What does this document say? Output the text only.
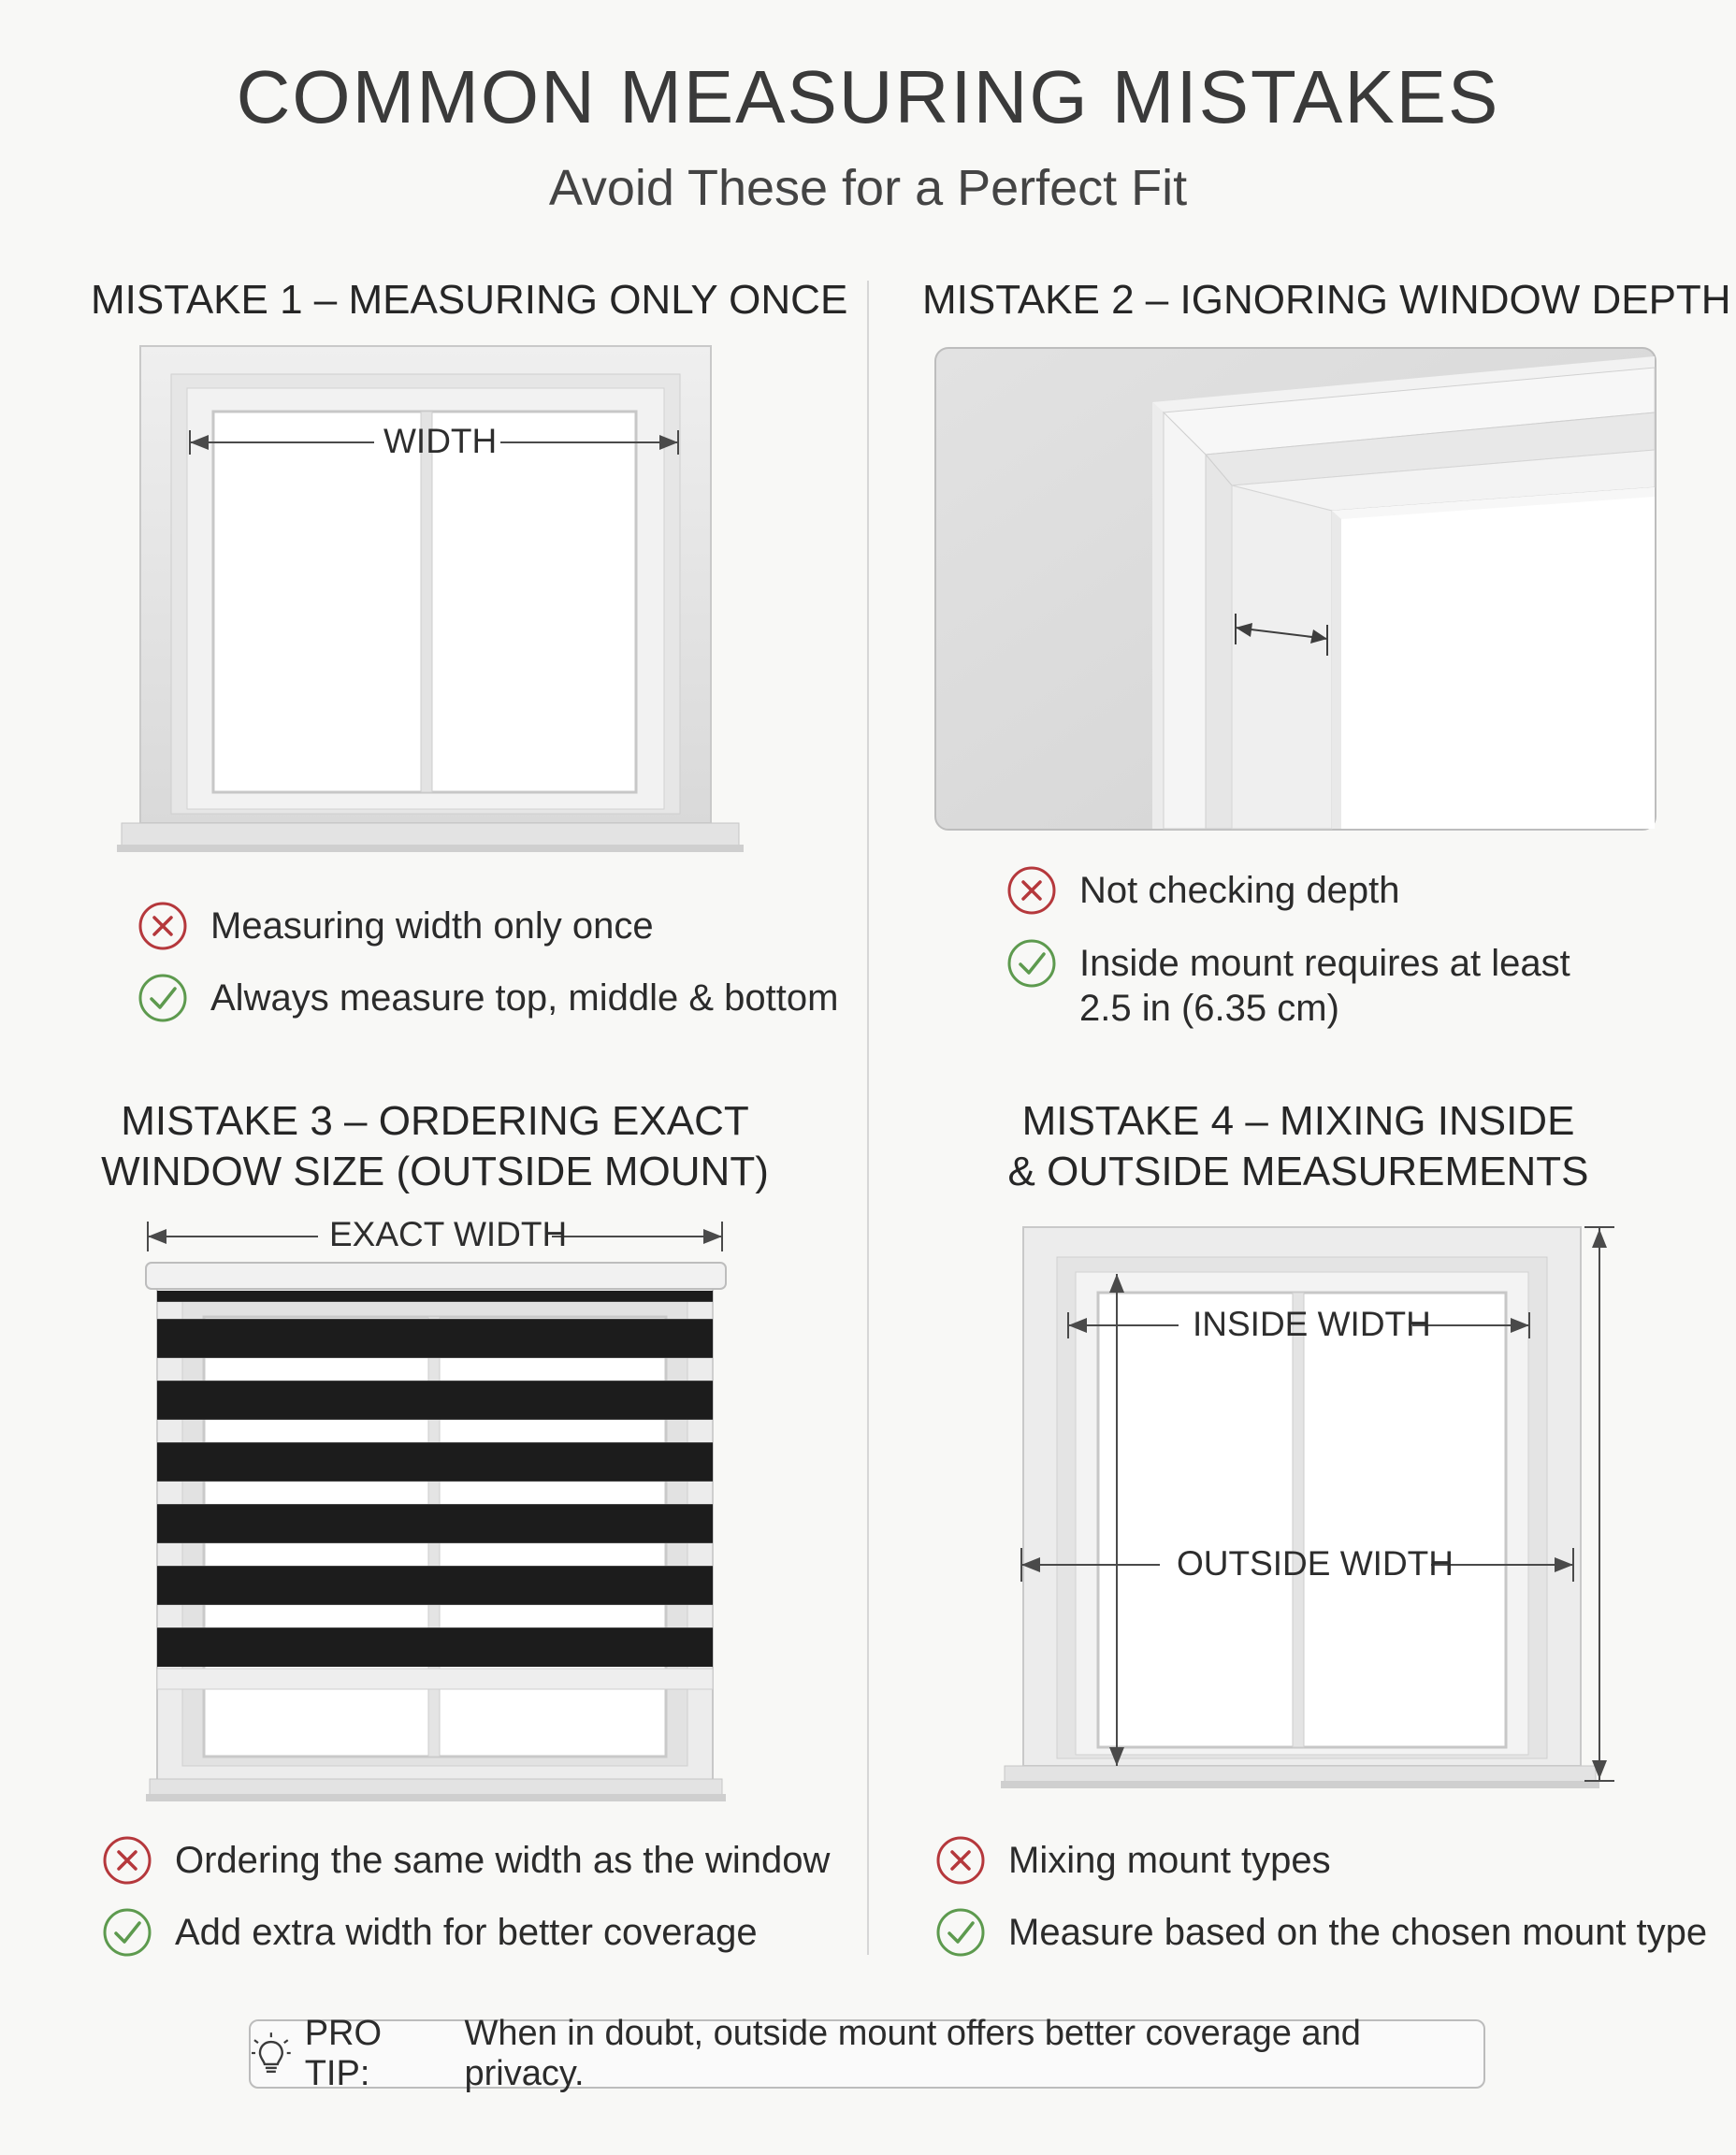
COMMON MEASURING MISTAKES
Avoid These for a Perfect Fit
MISTAKE 1 – MEASURING ONLY ONCE
WIDTH
Measuring width only once
Always measure top, middle & bottom
MISTAKE 2 – IGNORING WINDOW DEPTH
Not checking depth
Inside mount requires at least
2.5 in (6.35 cm)
MISTAKE 3 – ORDERING EXACT
WINDOW SIZE (OUTSIDE MOUNT)
EXACT WIDTH
Ordering the same width as the window
Add extra width for better coverage
MISTAKE 4 – MIXING INSIDE
& OUTSIDE MEASUREMENTS
INSIDE WIDTH
OUTSIDE WIDTH
Mixing mount types
Measure based on the chosen mount type
PRO TIP:
When in doubt, outside mount offers better coverage and privacy.
